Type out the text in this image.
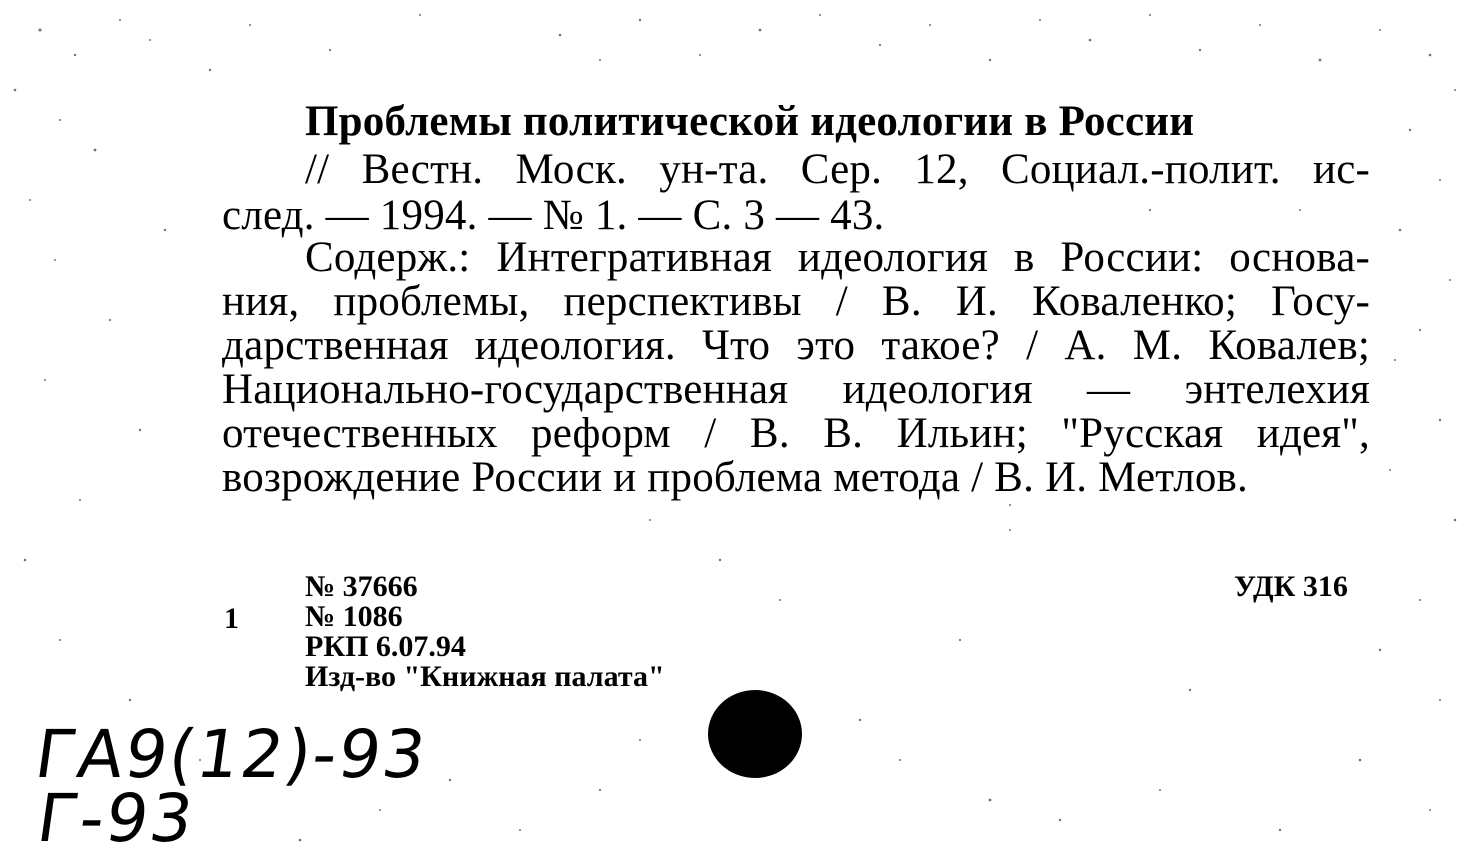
Проблемы политической идеологии в России
// Вестн. Моск. ун-та. Сер. 12, Социал.-полит. ис-
след. — 1994. — № 1. — С. 3 — 43.
Содерж.: Интегративная идеология в России: основа-
ния, проблемы, перспективы / В. И. Коваленко; Госу-
дарственная идеология. Что это такое? / А. М. Ковалев;
Национально-государственная идеология — энтелехия
отечественных реформ / В. В. Ильин; "Русская идея",
возрождение России и проблема метода / В. И. Метлов.
№ 37666
1 № 1086
РКП 6.07.94
Изд-во "Книжная палата"
УДК 316
ГА9(12)-93
Г-93
